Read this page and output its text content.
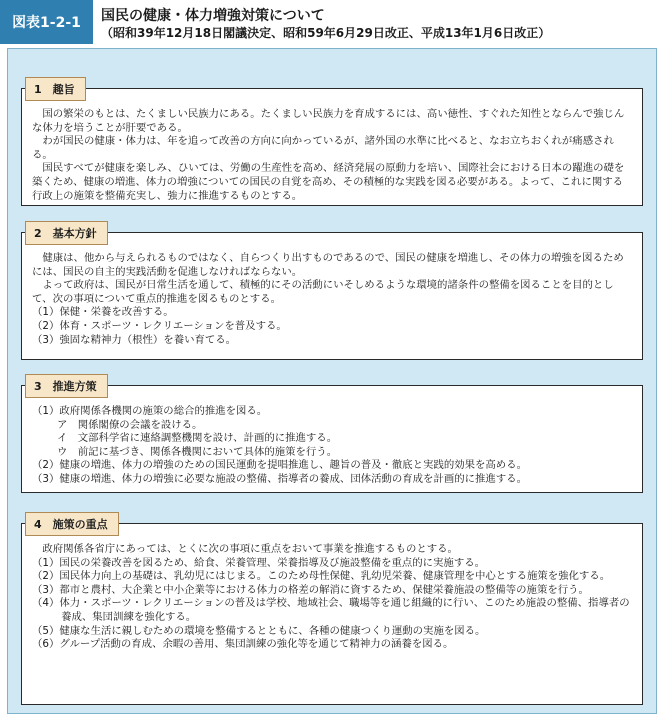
図表1-2-1	国民の健康・体力増強対策について
（昭和39年12月18日閣議決定、昭和59年6月29日改正、平成13年1月6日改正）
1　趣旨

国の繁栄のもとは、たくましい民族力にある。たくましい民族力を育成するには、高い徳性、すぐれた知性とならんで強じんな体力を培うことが肝要である。

わが国民の健康・体力は、年を追って改善の方向に向かっているが、諸外国の水準に比べると、なお立ちおくれが痛感される。

国民すべてが健康を楽しみ、ひいては、労働の生産性を高め、経済発展の原動力を培い、国際社会における日本の躍進の礎を築くため、健康の増進、体力の増強についての国民の自覚を高め、その積極的な実践を図る必要がある。よって、これに関する行政上の施策を整備充実し、強力に推進するものとする。

2　基本方針

健康は、他から与えられるものではなく、自らつくり出すものであるので、国民の健康を増進し、その体力の増強を図るためには、国民の自主的実践活動を促進しなければならない。

よって政府は、国民が日常生活を通して、積極的にその活動にいそしめるような環境的諸条件の整備を図ることを目的として、次の事項について重点的推進を図るものとする。

（1）保健・栄養を改善する。

（2）体育・スポーツ・レクリエーションを普及する。

（3）強固な精神力（根性）を養い育てる。

3　推進方策

（1）政府関係各機関の施策の総合的推進を図る。

ア　関係閣僚の会議を設ける。

イ　文部科学省に連絡調整機関を設け、計画的に推進する。

ウ　前記に基づき、関係各機関において具体的施策を行う。

（2）健康の増進、体力の増強のための国民運動を提唱推進し、趣旨の普及・徹底と実践的効果を高める。

（3）健康の増進、体力の増強に必要な施設の整備、指導者の養成、団体活動の育成を計画的に推進する。

4　施策の重点

政府関係各省庁にあっては、とくに次の事項に重点をおいて事業を推進するものとする。

（1）国民の栄養改善を図るため、給食、栄養管理、栄養指導及び施設整備を重点的に実施する。

（2）国民体力向上の基礎は、乳幼児にはじまる。このため母性保健、乳幼児栄養、健康管理を中心とする施策を強化する。

（3）都市と農村、大企業と中小企業等における体力の格差の解消に資するため、保健栄養施設の整備等の施策を行う。

（4）体力・スポーツ・レクリエーションの普及は学校、地域社会、職場等を通じ組織的に行い、このため施設の整備、指導者の養成、集団訓練を強化する。

（5）健康な生活に親しむための環境を整備するとともに、各種の健康つくり運動の実施を図る。

（6）グループ活動の育成、余暇の善用、集団訓練の強化等を通じて精神力の涵養を図る。
